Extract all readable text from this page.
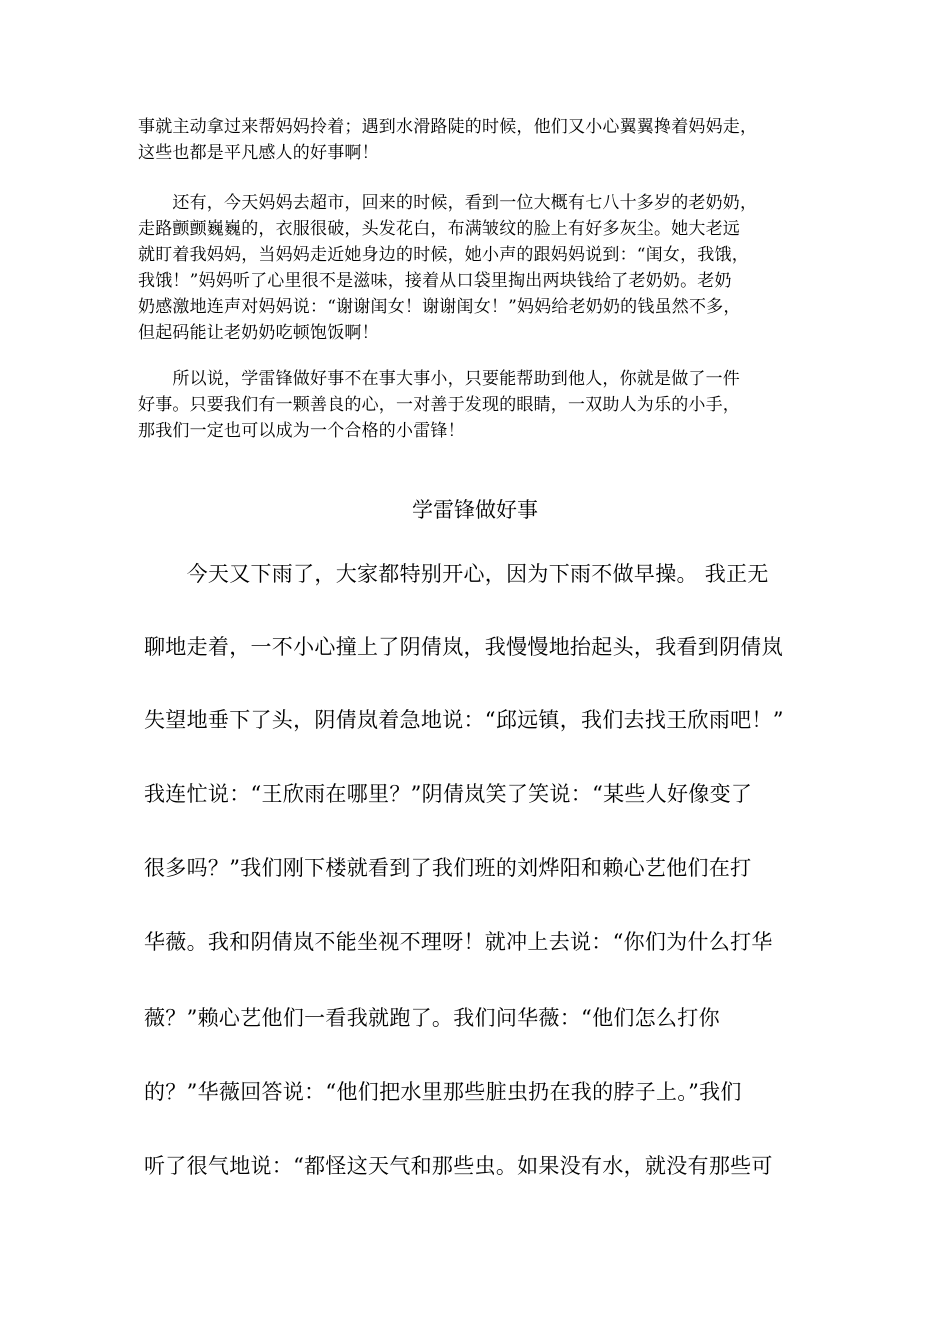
事就主动拿过来帮妈妈拎着；遇到水滑路陡的时候，他们又小心翼翼搀着妈妈走，
这些也都是平凡感人的好事啊！
　　还有，今天妈妈去超市，回来的时候，看到一位大概有七八十多岁的老奶奶，
走路颤颤巍巍的，衣服很破，头发花白，布满皱纹的脸上有好多灰尘。她大老远
就盯着我妈妈，当妈妈走近她身边的时候，她小声的跟妈妈说到：“闺女，我饿，
我饿！”妈妈听了心里很不是滋味，接着从口袋里掏出两块钱给了老奶奶。老奶
奶感激地连声对妈妈说：“谢谢闺女！谢谢闺女！”妈妈给老奶奶的钱虽然不多，
但起码能让老奶奶吃顿饱饭啊！
　　所以说，学雷锋做好事不在事大事小，只要能帮助到他人，你就是做了一件
好事。只要我们有一颗善良的心，一对善于发现的眼睛，一双助人为乐的小手，
那我们一定也可以成为一个合格的小雷锋！
学雷锋做好事
　　今天又下雨了，大家都特别开心，因为下雨不做早操。 我正无
聊地走着，一不小心撞上了阴倩岚，我慢慢地抬起头，我看到阴倩岚
失望地垂下了头，阴倩岚着急地说：“邱远镇，我们去找王欣雨吧！”
我连忙说：“王欣雨在哪里？”阴倩岚笑了笑说：“某些人好像变了
很多吗？”我们刚下楼就看到了我们班的刘烨阳和赖心艺他们在打
华薇。我和阴倩岚不能坐视不理呀！就冲上去说：“你们为什么打华
薇？”赖心艺他们一看我就跑了。我们问华薇：“他们怎么打你
的？”华薇回答说：“他们把水里那些脏虫扔在我的脖子上。”我们
听了很气地说：“都怪这天气和那些虫。如果没有水，就没有那些可
